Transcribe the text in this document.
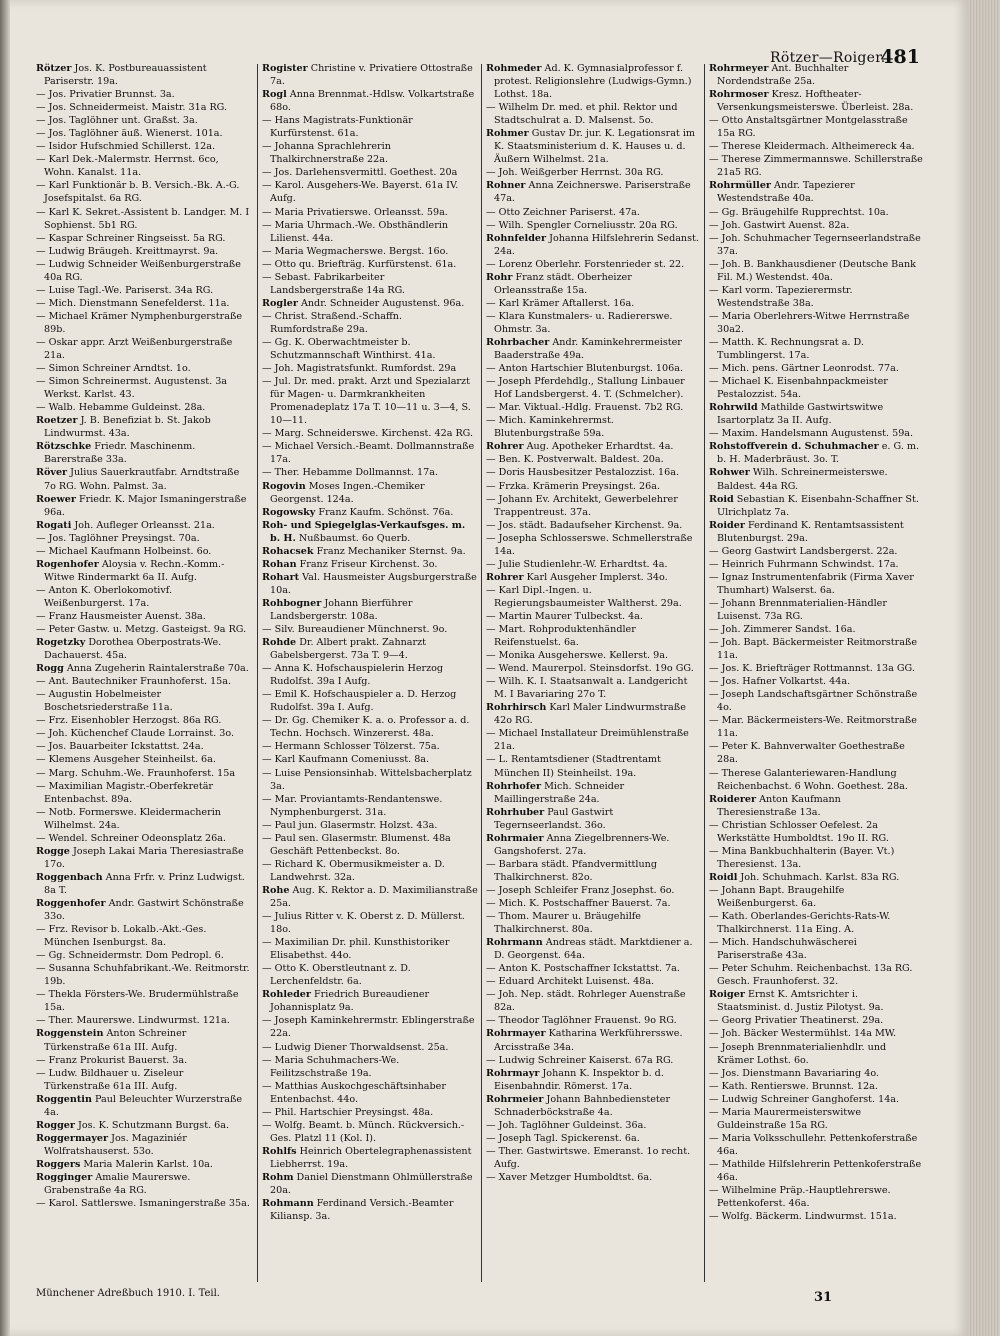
Rötzer—Roiger.
481
Rötzer Jos. K. Postbureauassistent Pariserstr. 19a.
— Jos. Privatier Brunnst. 3a.
— Jos. Schneidermeist. Maistr. 31a RG.
— Jos. Taglöhner unt. Graßst. 3a.
— Jos. Taglöhner äuß. Wienerst. 101a.
— Isidor Hufschmied Schillerst. 12a.
— Karl Dek.-Malermstr. Herrnst. 6co, Wohn. Kanalst. 11a.
— Karl Funktionär b. B. Versich.-Bk. A.-G. Josefspitalst. 6a RG.
— Karl K. Sekret.-Assistent b. Landger. M. I Sophienst. 5b1 RG.
— Kaspar Schreiner Ringseisst. 5a RG.
— Ludwig Bräugeh. Kreittmayrst. 9a.
— Ludwig Schneider Weißenburgerstraße 40a RG.
— Luise Tagl.-We. Pariserst. 34a RG.
— Mich. Dienstmann Senefelderst. 11a.
— Michael Krämer Nymphenburgerstraße 89b.
— Oskar appr. Arzt Weißenburgerstraße 21a.
— Simon Schreiner Arndtst. 1o.
— Simon Schreinermst. Augustenst. 3a Werkst. Karlst. 43.
— Walb. Hebamme Guldeinst. 28a.
Roetzer J. B. Benefiziat b. St. Jakob Lindwurmst. 43a.
Rötzschke Friedr. Maschinenm. Barerstraße 33a.
Röver Julius Sauerkrautfabr. Arndtstraße 7o RG. Wohn. Palmst. 3a.
Roewer Friedr. K. Major Ismaningerstraße 96a.
Rogati Joh. Aufleger Orleansst. 21a.
— Jos. Taglöhner Preysingst. 70a.
— Michael Kaufmann Holbeinst. 6o.
Rogenhofer Aloysia v. Rechn.-Komm.-Witwe Rindermarkt 6a II. Aufg.
— Anton K. Oberlokomotivf. Weißenburgerst. 17a.
— Franz Hausmeister Auenst. 38a.
— Peter Gastw. u. Metzg. Gasteigst. 9a RG.
Rogetzky Dorothea Oberpostrats-We. Dachauerst. 45a.
Rogg Anna Zugeherin Raintalerstraße 70a.
— Ant. Bautechniker Fraunhoferst. 15a.
— Augustin Hobelmeister Boschetsriederstraße 11a.
— Frz. Eisenhobler Herzogst. 86a RG.
— Joh. Küchenchef Claude Lorrainst. 3o.
— Jos. Bauarbeiter Ickstattst. 24a.
— Klemens Ausgeher Steinheilst. 6a.
— Marg. Schuhm.-We. Fraunhoferst. 15a
— Maximilian Magistr.-Oberfekretär Entenbachst. 89a.
— Notb. Formerswe. Kleidermacherin Wilhelmst. 24a.
— Wendel. Schreiner Odeonsplatz 26a.
Rogge Joseph Lakai Maria Theresiastraße 17o.
Roggenbach Anna Frfr. v. Prinz Ludwigst. 8a T.
Roggenhofer Andr. Gastwirt Schönstraße 33o.
— Frz. Revisor b. Lokalb.-Akt.-Ges. München Isenburgst. 8a.
— Gg. Schneidermstr. Dom Pedropl. 6.
— Susanna Schuhfabrikant.-We. Reitmorstr. 19b.
— Thekla Försters-We. Brudermühlstraße 15a.
— Ther. Maurerswe. Lindwurmst. 121a.
Roggenstein Anton Schreiner Türkenstraße 61a III. Aufg.
— Franz Prokurist Bauerst. 3a.
— Ludw. Bildhauer u. Ziseleur Türkenstraße 61a III. Aufg.
Roggentin Paul Beleuchter Wurzerstraße 4a.
Rogger Jos. K. Schutzmann Burgst. 6a.
Roggermayer Jos. Magaziniér Wolfratshauserst. 53o.
Roggers Maria Malerin Karlst. 10a.
Rogginger Amalie Maurerswe. Grabenstraße 4a RG.
— Karol. Sattlerswe. Ismaningerstraße 35a.
Rogister Christine v. Privatiere Ottostraße 7a.
Rogl Anna Brennmat.-Hdlsw. Volkartstraße 68o.
— Hans Magistrats-Funktionär Kurfürstenst. 61a.
— Johanna Sprachlehrerin Thalkirchnerstraße 22a.
— Jos. Darlehensvermittl. Goethest. 20a
— Karol. Ausgehers-We. Bayerst. 61a IV. Aufg.
— Maria Privatierswe. Orleansst. 59a.
— Maria Uhrmach.-We. Obsthändlerin Lilienst. 44a.
— Maria Wegmacherswe. Bergst. 16o.
— Otto qu. Briefträg. Kurfürstenst. 61a.
— Sebast. Fabrikarbeiter Landsbergerstraße 14a RG.
Rogler Andr. Schneider Augustenst. 96a.
— Christ. Straßend.-Schaffn. Rumfordstraße 29a.
— Gg. K. Oberwachtmeister b. Schutzmannschaft Winthirst. 41a.
— Joh. Magistratsfunkt. Rumfordst. 29a
— Jul. Dr. med. prakt. Arzt und Spezialarzt für Magen- u. Darmkrankheiten Promenadeplatz 17a T. 10—11 u. 3—4, S. 10—11.
— Marg. Schneiderswe. Kirchenst. 42a RG.
— Michael Versich.-Beamt. Dollmannstraße 17a.
— Ther. Hebamme Dollmannst. 17a.
Rogovin Moses Ingen.-Chemiker Georgenst. 124a.
Rogowsky Franz Kaufm. Schönst. 76a.
Roh- und Spiegelglas-Verkaufsges. m. b. H. Nußbaumst. 6o Querb.
Rohacsek Franz Mechaniker Sternst. 9a.
Rohan Franz Friseur Kirchenst. 3o.
Rohart Val. Hausmeister Augsburgerstraße 10a.
Rohbogner Johann Bierführer Landsbergerstr. 108a.
— Silv. Bureaudiener Münchnerst. 9o.
Rohde Dr. Albert prakt. Zahnarzt Gabelsbergerst. 73a T. 9—4.
— Anna K. Hofschauspielerin Herzog Rudolfst. 39a I Aufg.
— Emil K. Hofschauspieler a. D. Herzog Rudolfst. 39a I. Aufg.
— Dr. Gg. Chemiker K. a. o. Professor a. d. Techn. Hochsch. Winzererst. 48a.
— Hermann Schlosser Tölzerst. 75a.
— Karl Kaufmann Comeniusst. 8a.
— Luise Pensionsinhab. Wittelsbacherplatz 3a.
— Mar. Proviantamts-Rendantenswe. Nymphenburgerst. 31a.
— Paul jun. Glasermstr. Holzst. 43a.
— Paul sen. Glasermstr. Blumenst. 48a Geschäft Pettenbeckst. 8o.
— Richard K. Obermusikmeister a. D. Landwehrst. 32a.
Rohe Aug. K. Rektor a. D. Maximilianstraße 25a.
— Julius Ritter v. K. Oberst z. D. Müllerst. 18o.
— Maximilian Dr. phil. Kunsthistoriker Elisabethst. 44o.
— Otto K. Oberstleutnant z. D. Lerchenfeldstr. 6a.
Rohleder Friedrich Bureaudiener Johannisplatz 9a.
— Joseph Kaminkehrermstr. Eblingerstraße 22a.
— Ludwig Diener Thorwaldsenst. 25a.
— Maria Schuhmachers-We. Feilitzschstraße 19a.
— Matthias Auskochgeschäftsinhaber Entenbachst. 44o.
— Phil. Hartschier Preysingst. 48a.
— Wolfg. Beamt. b. Münch. Rückversich.-Ges. Platzl 11 (Kol. I).
Rohlfs Heinrich Obertelegraphenassistent Liebherrst. 19a.
Rohm Daniel Dienstmann Ohlmüllerstraße 20a.
Rohmann Ferdinand Versich.-Beamter Kiliansp. 3a.
Rohmeder Ad. K. Gymnasialprofessor f. protest. Religionslehre (Ludwigs-Gymn.) Lothst. 18a.
— Wilhelm Dr. med. et phil. Rektor und Stadtschulrat a. D. Malsenst. 5o.
Rohmer Gustav Dr. jur. K. Legationsrat im K. Staatsministerium d. K. Hauses u. d. Äußern Wilhelmst. 21a.
— Joh. Weißgerber Herrnst. 30a RG.
Rohner Anna Zeichnerswe. Pariserstraße 47a.
— Otto Zeichner Pariserst. 47a.
— Wilh. Spengler Corneliusstr. 20a RG.
Rohnfelder Johanna Hilfslehrerin Sedanst. 24a.
— Lorenz Oberlehr. Forstenrieder st. 22.
Rohr Franz städt. Oberheizer Orleansstraße 15a.
— Karl Krämer Aftallerst. 16a.
— Klara Kunstmalers- u. Radiererswe. Ohmstr. 3a.
Rohrbacher Andr. Kaminkehrermeister Baaderstraße 49a.
— Anton Hartschier Blutenburgst. 106a.
— Joseph Pferdehdlg., Stallung Linbauer Hof Landsbergerst. 4. T. (Schmelcher).
— Mar. Viktual.-Hdlg. Frauenst. 7b2 RG.
— Mich. Kaminkehrermst. Blutenburgstraße 59a.
Rohrer Aug. Apotheker Erhardtst. 4a.
— Ben. K. Postverwalt. Baldest. 20a.
— Doris Hausbesitzer Pestalozzist. 16a.
— Frzka. Krämerin Preysingst. 26a.
— Johann Ev. Architekt, Gewerbelehrer Trappentreust. 37a.
— Jos. städt. Badaufseher Kirchenst. 9a.
— Josepha Schlosserswe. Schmellerstraße 14a.
— Julie Studienlehr.-W. Erhardtst. 4a.
Rohrer Karl Ausgeher Implerst. 34o.
— Karl Dipl.-Ingen. u. Regierungsbaumeister Waltherst. 29a.
— Martin Maurer Tulbeckst. 4a.
— Mart. Rohproduktenhändler Reifenstuelst. 6a.
— Monika Ausgeherswe. Kellerst. 9a.
— Wend. Maurerpol. Steinsdorfst. 19o GG.
— Wilh. K. I. Staatsanwalt a. Landgericht M. I Bavariaring 27o T.
Rohrhirsch Karl Maler Lindwurmstraße 42o RG.
— Michael Installateur Dreimühlenstraße 21a.
— L. Rentamtsdiener (Stadtrentamt München II) Steinheilst. 19a.
Rohrhofer Mich. Schneider Maillingerstraße 24a.
Rohrhuber Paul Gastwirt Tegernseerlandst. 36o.
Rohrmaier Anna Ziegelbrenners-We. Gangshoferst. 27a.
— Barbara städt. Pfandvermittlung Thalkirchnerst. 82o.
— Joseph Schleifer Franz Josephst. 6o.
— Mich. K. Postschaffner Bauerst. 7a.
— Thom. Maurer u. Bräugehilfe Thalkirchnerst. 80a.
Rohrmann Andreas städt. Marktdiener a. D. Georgenst. 64a.
— Anton K. Postschaffner Ickstattst. 7a.
— Eduard Architekt Luisenst. 48a.
— Joh. Nep. städt. Rohrleger Auenstraße 82a.
— Theodor Taglöhner Frauenst. 9o RG.
Rohrmayer Katharina Werkführersswe. Arcisstraße 34a.
— Ludwig Schreiner Kaiserst. 67a RG.
Rohrmayr Johann K. Inspektor b. d. Eisenbahndir. Römerst. 17a.
Rohrmeier Johann Bahnbediensteter Schnaderböckstraße 4a.
— Joh. Taglöhner Guldeinst. 36a.
— Joseph Tagl. Spickerenst. 6a.
— Ther. Gastwirtswe. Emeranst. 1o recht. Aufg.
— Xaver Metzger Humboldtst. 6a.
Rohrmeyer Ant. Buchhalter Nordendstraße 25a.
Rohrmoser Kresz. Hoftheater-Versenkungsmeisterswe. Überleist. 28a.
— Otto Anstaltsgärtner Montgelasstraße 15a RG.
— Therese Kleidermach. Altheimereck 4a.
— Therese Zimmermannswe. Schillerstraße 21a5 RG.
Rohrmüller Andr. Tapezierer Westendstraße 40a.
— Gg. Bräugehilfe Rupprechtst. 10a.
— Joh. Gastwirt Auenst. 82a.
— Joh. Schuhmacher Tegernseerlandstraße 37a.
— Joh. B. Bankhausdiener (Deutsche Bank Fil. M.) Westendst. 40a.
— Karl vorm. Tapezierermstr. Westendstraße 38a.
— Maria Oberlehrers-Witwe Herrnstraße 30a2.
— Matth. K. Rechnungsrat a. D. Tumblingerst. 17a.
— Mich. pens. Gärtner Leonrodst. 77a.
— Michael K. Eisenbahnpackmeister Pestalozzist. 54a.
Rohrwild Mathilde Gastwirtswitwe Isartorplatz 3a II. Aufg.
— Maxim. Handelsmann Augustenst. 59a.
Rohstoffverein d. Schuhmacher e. G. m. b. H. Maderbräust. 3o. T.
Rohwer Wilh. Schreinermeisterswe. Baldest. 44a RG.
Roid Sebastian K. Eisenbahn-Schaffner St. Ulrichplatz 7a.
Roider Ferdinand K. Rentamtsassistent Blutenburgst. 29a.
— Georg Gastwirt Landsbergerst. 22a.
— Heinrich Fuhrmann Schwindst. 17a.
— Ignaz Instrumentenfabrik (Firma Xaver Thumhart) Walserst. 6a.
— Johann Brennmaterialien-Händler Luisenst. 73a RG.
— Joh. Zimmerer Sandst. 16a.
— Joh. Bapt. Bäckermeister Reitmorstraße 11a.
— Jos. K. Briefträger Rottmannst. 13a GG.
— Jos. Hafner Volkartst. 44a.
— Joseph Landschaftsgärtner Schönstraße 4o.
— Mar. Bäckermeisters-We. Reitmorstraße 11a.
— Peter K. Bahnverwalter Goethestraße 28a.
— Therese Galanteriewaren-Handlung Reichenbachst. 6 Wohn. Goethest. 28a.
Roiderer Anton Kaufmann Theresienstraße 13a.
— Christian Schlosser Oefelest. 2a Werkstätte Humboldtst. 19o II. RG.
— Mina Bankbuchhalterin (Bayer. Vt.) Theresienst. 13a.
Roidl Joh. Schuhmach. Karlst. 83a RG.
— Johann Bapt. Braugehilfe Weißenburgerst. 6a.
— Kath. Oberlandes-Gerichts-Rats-W. Thalkirchnerst. 11a Eing. A.
— Mich. Handschuhwäscherei Pariserstraße 43a.
— Peter Schuhm. Reichenbachst. 13a RG. Gesch. Fraunhoferst. 32.
Roiger Ernst K. Amtsrichter i. Staatsminist. d. Justiz Pilotyst. 9a.
— Georg Privatier Theatinerst. 29a.
— Joh. Bäcker Westermühlst. 14a MW.
— Joseph Brennmaterialienhdlr. und Krämer Lothst. 6o.
— Jos. Dienstmann Bavariaring 4o.
— Kath. Rentierswe. Brunnst. 12a.
— Ludwig Schreiner Ganghoferst. 14a.
— Maria Maurermeisterswitwe Guldeinstraße 15a RG.
— Maria Volksschullehr. Pettenkoferstraße 46a.
— Mathilde Hilfslehrerin Pettenkoferstraße 46a.
— Wilhelmine Präp.-Hauptlehrerswe. Pettenkoferst. 46a.
— Wolfg. Bäckerm. Lindwurmst. 151a.
Münchener Adreßbuch 1910. I. Teil.	31
